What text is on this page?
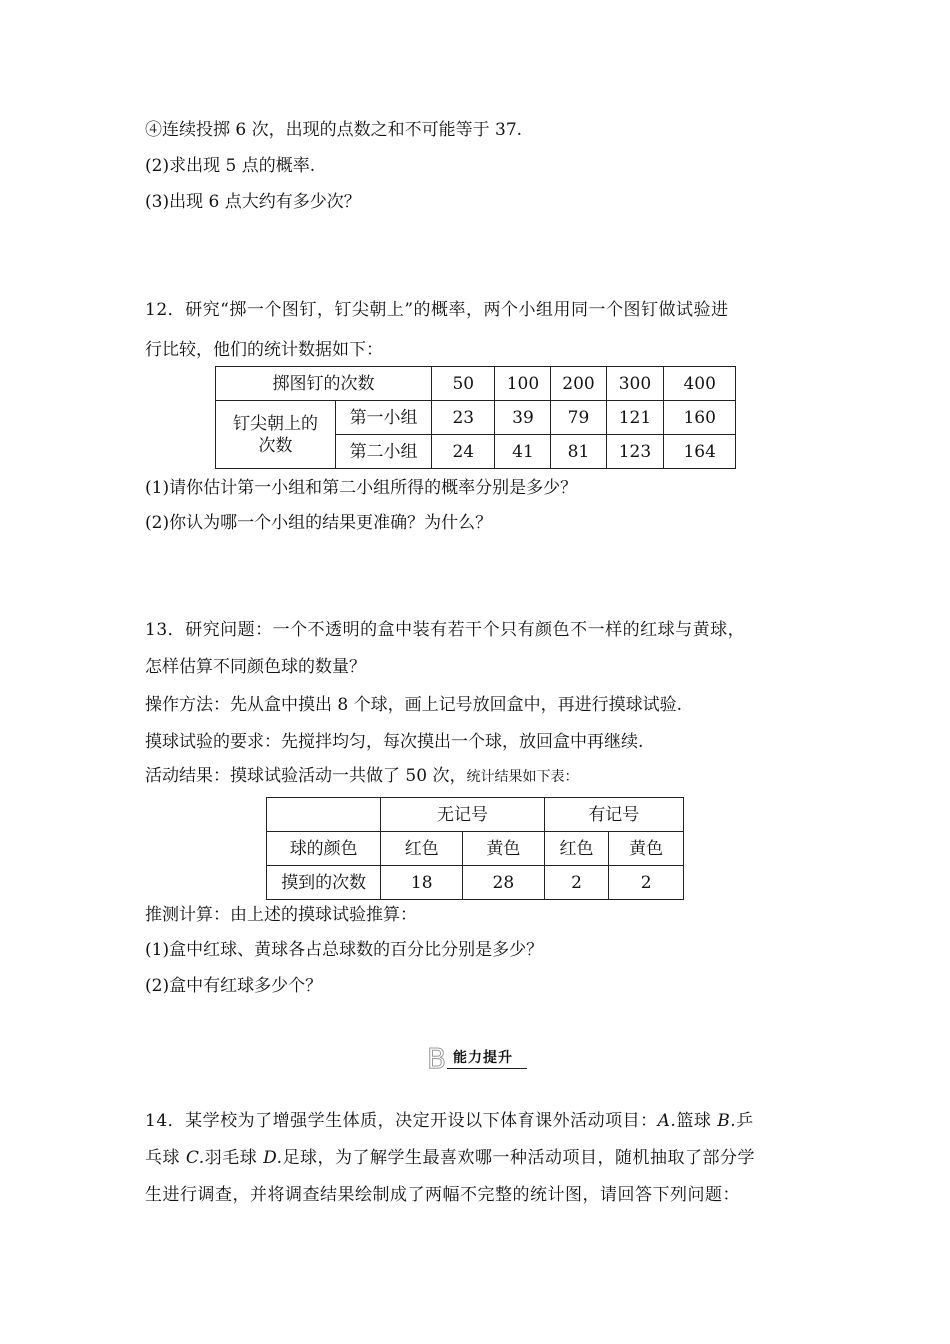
④连续投掷 6 次，出现的点数之和不可能等于 37.
(2)求出现 5 点的概率.
(3)出现 6 点大约有多少次？
12．研究“掷一个图钉，钉尖朝上”的概率，两个小组用同一个图钉做试验进
行比较，他们的统计数据如下：
掷图钉的次数		50	100	200	300	400
钉尖朝上的次数	第一小组	23	39	79	121	160
	第二小组	24	41	81	123	164
(1)请你估计第一小组和第二小组所得的概率分别是多少？
(2)你认为哪一个小组的结果更准确？为什么？
13．研究问题：一个不透明的盒中装有若干个只有颜色不一样的红球与黄球，
怎样估算不同颜色球的数量？
操作方法：先从盒中摸出 8 个球，画上记号放回盒中，再进行摸球试验.
摸球试验的要求：先搅拌均匀，每次摸出一个球，放回盒中再继续.
活动结果：摸球试验活动一共做了 50 次，统计结果如下表：
	无记号		有记号	
球的颜色	红色	黄色	红色	黄色
摸到的次数	18	28	2	2
推测计算：由上述的摸球试验推算：
(1)盒中红球、黄球各占总球数的百分比分别是多少？
(2)盒中有红球多少个？
B 能力提升
14．某学校为了增强学生体质，决定开设以下体育课外活动项目：A.篮球 B.乒
乓球 C.羽毛球 D.足球，为了解学生最喜欢哪一种活动项目，随机抽取了部分学
生进行调查，并将调查结果绘制成了两幅不完整的统计图，请回答下列问题：
